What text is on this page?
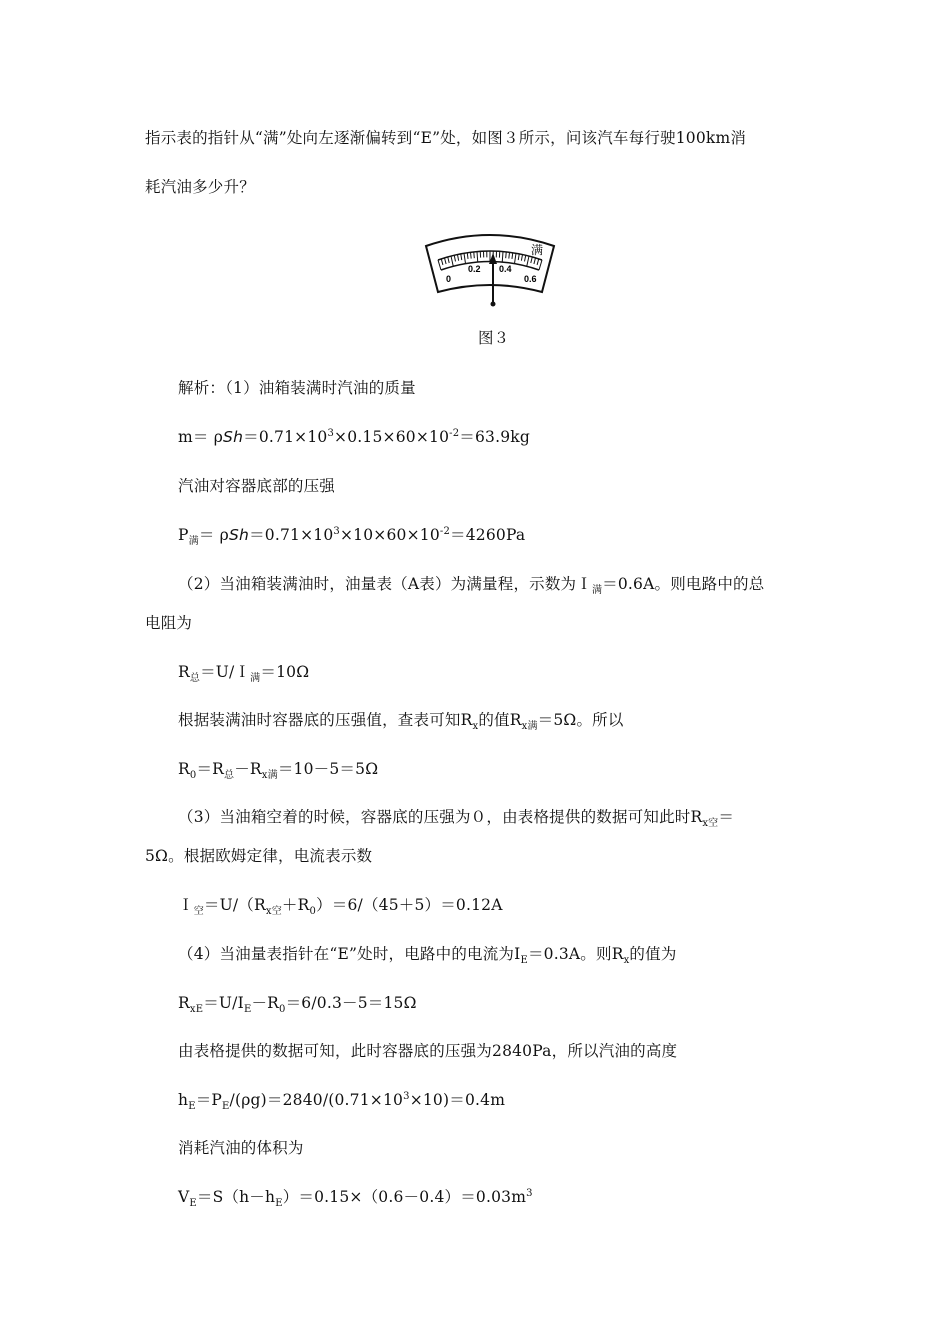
指示表的指针从“满”处向左逐渐偏转到“E”处，如图３所示，问该汽车每行驶100km消
耗汽油多少升？
0
0.2 0.4
0.6
满
图３
解析：（1）油箱装满时汽油的质量
$m= \rho Sh=0.71\times 10^3\times 0.15\times 60\times 10^{-2}=63.9kg$
汽油对容器底部的压强
$P_满= \rho Sh=0.71\times 10^3\times 10\times 60\times 10^{-2}=4260Pa$
（2）当油箱装满油时，油量表（A表）为满量程，示数为Ｉ$_满$＝0.6A。则电路中的总
电阻为
$R_总=U/I_满=10\Omega$
根据装满油时容器底的压强值，查表可知$R_x$的值$R_{x满}=5\Omega$。所以
$R_0=R_总-R_{x满}=10-5=5\Omega$
（3）当油箱空着的时候，容器底的压强为０，由表格提供的数据可知此时$R_{x空}=$
5Ω。根据欧姆定律，电流表示数
$I_空=U/(R_{x空}+R_0)=6/(45+5)=0.12A$
（4）当油量表指针在“E”处时，电路中的电流为$I_E=0.3A$。则$R_x$的值为
$R_{xE}=U/I_E-R_0=6/0.3-5=15\Omega$
由表格提供的数据可知，此时容器底的压强为2840Pa，所以汽油的高度
$h_E=P_E/(\rho g)=2840/(0.71\times 10^3\times 10)=0.4m$
消耗汽油的体积为
$V_E=S(h-h_E)=0.15\times(0.6-0.4)=0.03m^3$
